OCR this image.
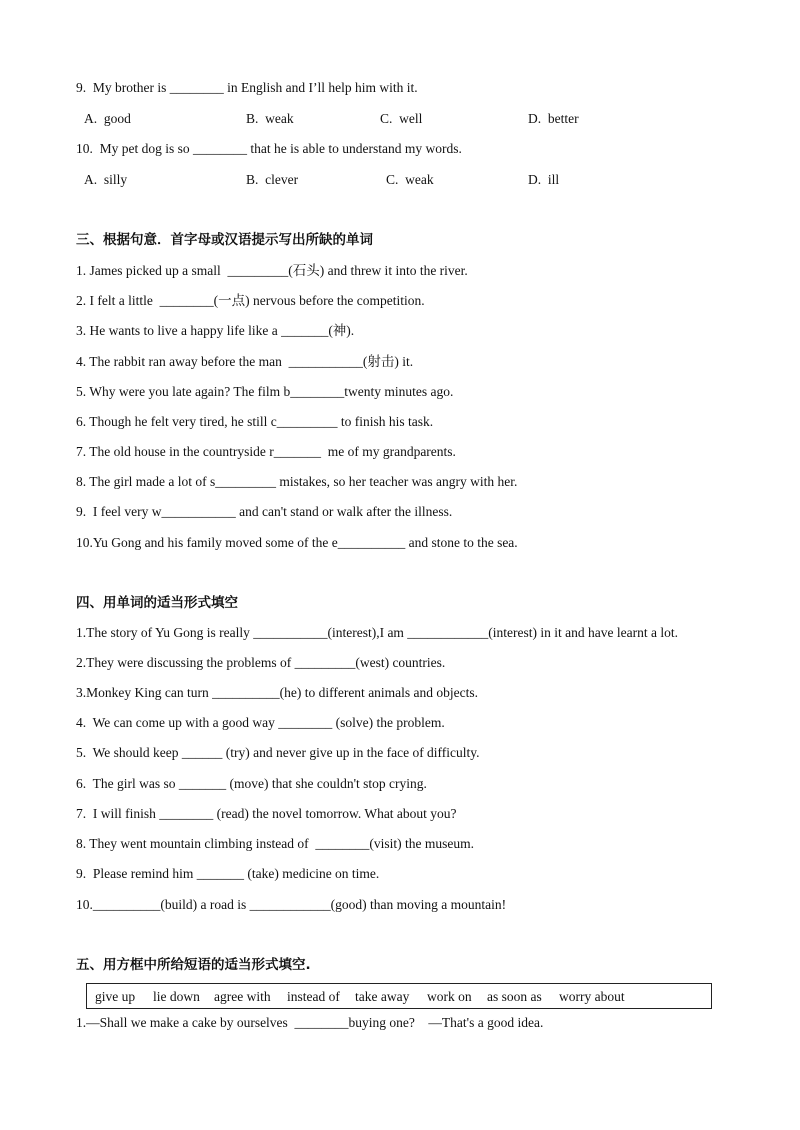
9.  My brother is ________ in English and I’ll help him with it.
A.  good	B.  weak	C.  well	D.  better
10.  My pet dog is so ________ that he is able to understand my words.
A.  silly	B.  clever	C.  weak	D.  ill
三、根据句意．首字母或汉语提示写出所缺的单词
1. James picked up a small  _________(石头) and threw it into the river.
2. I felt a little  ________(一点) nervous before the competition.
3. He wants to live a happy life like a _______(神).
4. The rabbit ran away before the man  ___________(射击) it.
5. Why were you late again? The film b________twenty minutes ago.
6. Though he felt very tired, he still c_________ to finish his task.
7. The old house in the countryside r_______  me of my grandparents.
8. The girl made a lot of s_________ mistakes, so her teacher was angry with her.
9.  I feel very w___________ and can't stand or walk after the illness.
10.Yu Gong and his family moved some of the e__________ and stone to the sea.
四、用单词的适当形式填空
1.The story of Yu Gong is really ___________(interest),I am ____________(interest) in it and have learnt a lot.
2.They were discussing the problems of _________(west) countries.
3.Monkey King can turn __________(he) to different animals and objects.
4.  We can come up with a good way ________ (solve) the problem.
5.  We should keep ______ (try) and never give up in the face of difficulty.
6.  The girl was so _______ (move) that she couldn't stop crying.
7.  I will finish ________ (read) the novel tomorrow. What about you?
8. They went mountain climbing instead of  ________(visit) the museum.
9.  Please remind him _______ (take) medicine on time.
10.__________(build) a road is ____________(good) than moving a mountain!
五、用方框中所给短语的适当形式填空.
give up lie down agree with instead of take away work on as soon as worry about
1.—Shall we make a cake by ourselves  ________buying one?    —That's a good idea.
